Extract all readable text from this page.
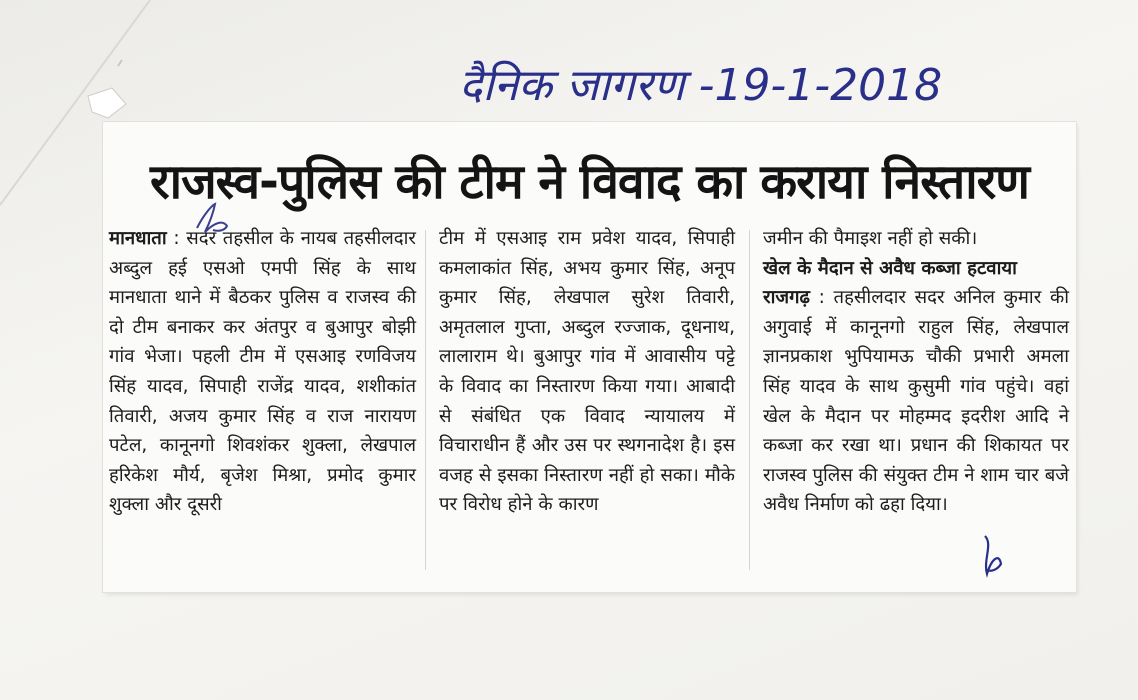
दैनिक जागरण -19-1-2018
राजस्व-पुलिस की टीम ने विवाद का कराया निस्तारण

मानधाता : सदर तहसील के नायब तहसीलदार अब्दुल हई एसओ एमपी सिंह के साथ मानधाता थाने में बैठकर पुलिस व राजस्व की दो टीम बनाकर कर अंतपुर व बुआपुर बोझी गांव भेजा। पहली टीम में एसआइ रणविजय सिंह यादव, सिपाही राजेंद्र यादव, शशीकांत तिवारी, अजय कुमार सिंह व राज नारायण पटेल, कानूनगो शिवशंकर शुक्ला, लेखपाल हरिकेश मौर्य, बृजेश मिश्रा, प्रमोद कुमार शुक्ला और दूसरी

टीम में एसआइ राम प्रवेश यादव, सिपाही कमलाकांत सिंह, अभय कुमार सिंह, अनूप कुमार सिंह, लेखपाल सुरेश तिवारी, अमृतलाल गुप्ता, अब्दुल रज्जाक, दूधनाथ, लालाराम थे। बुआपुर गांव में आवासीय पट्टे के विवाद का निस्तारण किया गया। आबादी से संबंधित एक विवाद न्यायालय में विचाराधीन हैं और उस पर स्थगनादेश है। इस वजह से इसका निस्तारण नहीं हो सका। मौके पर विरोध होने के कारण

जमीन की पैमाइश नहीं हो सकी।
खेल के मैदान से अवैध कब्जा हटवाया
राजगढ़ : तहसीलदार सदर अनिल कुमार की अगुवाई में कानूनगो राहुल सिंह, लेखपाल ज्ञानप्रकाश भुपियामऊ चौकी प्रभारी अमला सिंह यादव के साथ कुसुमी गांव पहुंचे। वहां खेल के मैदान पर मोहम्मद इदरीश आदि ने कब्जा कर रखा था। प्रधान की शिकायत पर राजस्व पुलिस की संयुक्त टीम ने शाम चार बजे अवैध निर्माण को ढहा दिया।
